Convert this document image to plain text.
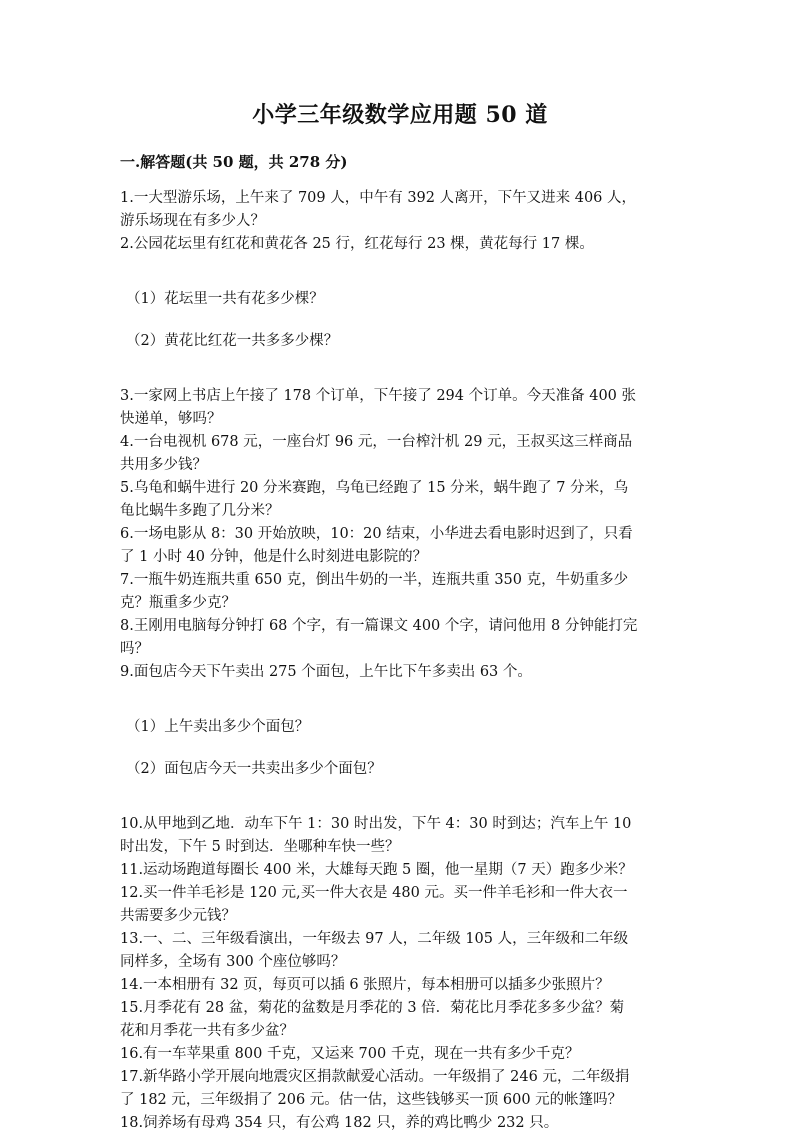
小学三年级数学应用题 50 道
一.解答题(共 50 题，共 278 分)

1.一大型游乐场，上午来了 709 人，中午有 392 人离开，下午又进来 406 人，

游乐场现在有多少人？

2.公园花坛里有红花和黄花各 25 行，红花每行 23 棵，黄花每行 17 棵。

（1）花坛里一共有花多少棵？

（2）黄花比红花一共多多少棵？

3.一家网上书店上午接了 178 个订单，下午接了 294 个订单。今天准备 400 张

快递单，够吗？

4.一台电视机 678 元，一座台灯 96 元，一台榨汁机 29 元，王叔买这三样商品

共用多少钱？

5.乌龟和蜗牛进行 20 分米赛跑，乌龟已经跑了 15 分米，蜗牛跑了 7 分米，乌

龟比蜗牛多跑了几分米？

6.一场电影从 8：30 开始放映，10：20 结束，小华进去看电影时迟到了，只看

了 1 小时 40 分钟，他是什么时刻进电影院的？

7.一瓶牛奶连瓶共重 650 克，倒出牛奶的一半，连瓶共重 350 克，牛奶重多少

克？瓶重多少克？

8.王刚用电脑每分钟打 68 个字，有一篇课文 400 个字，请问他用 8 分钟能打完

吗？

9.面包店今天下午卖出 275 个面包，上午比下午多卖出 63 个。

（1）上午卖出多少个面包？

（2）面包店今天一共卖出多少个面包？

10.从甲地到乙地．动车下午 1：30 时出发，下午 4：30 时到达；汽车上午 10

时出发，下午 5 时到达．坐哪种车快一些？

11.运动场跑道每圈长 400 米，大雄每天跑 5 圈，他一星期（7 天）跑多少米？

12.买一件羊毛衫是 120 元,买一件大衣是 480 元。买一件羊毛衫和一件大衣一

共需要多少元钱？

13.一、二、三年级看演出，一年级去 97 人，二年级 105 人，三年级和二年级

同样多，全场有 300 个座位够吗？

14.一本相册有 32 页，每页可以插 6 张照片，每本相册可以插多少张照片？

15.月季花有 28 盆，菊花的盆数是月季花的 3 倍．菊花比月季花多多少盆？菊

花和月季花一共有多少盆？

16.有一车苹果重 800 千克，又运来 700 千克，现在一共有多少千克？

17.新华路小学开展向地震灾区捐款献爱心活动。一年级捐了 246 元，二年级捐

了 182 元，三年级捐了 206 元。估一估，这些钱够买一顶 600 元的帐篷吗？

18.饲养场有母鸡 354 只，有公鸡 182 只，养的鸡比鸭少 232 只。
